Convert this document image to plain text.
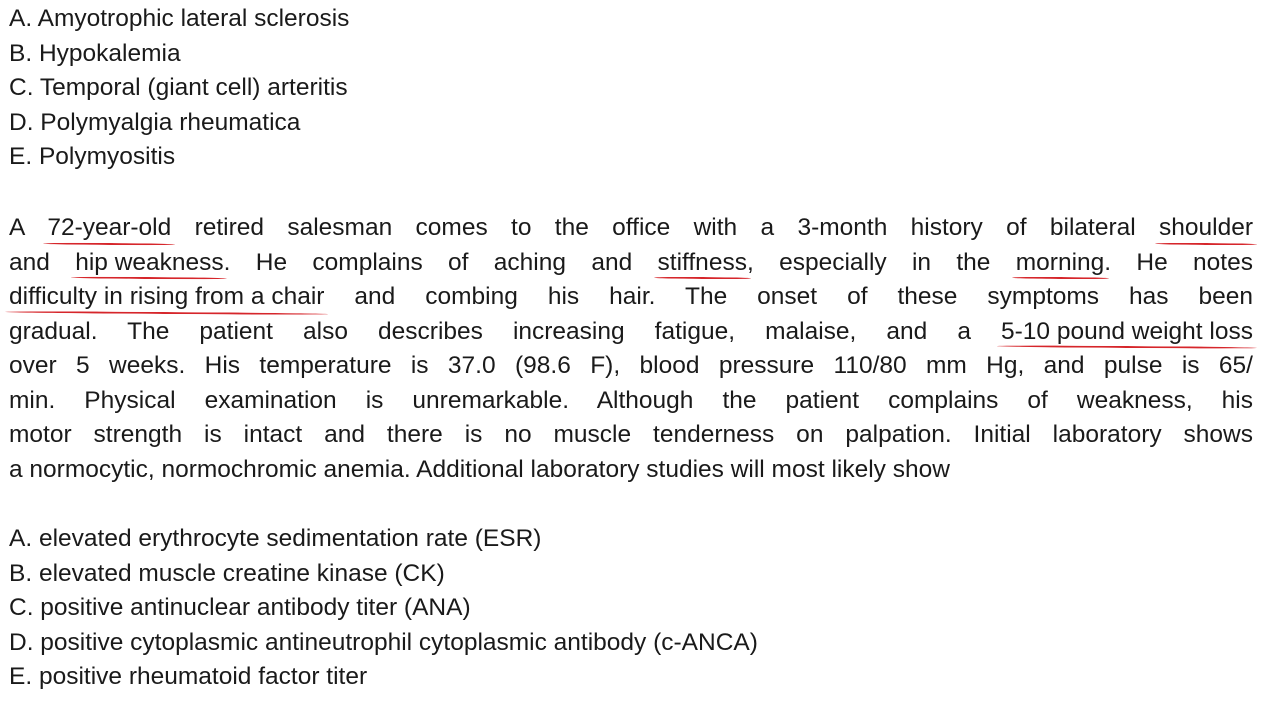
A. Amyotrophic lateral sclerosis
B. Hypokalemia
C. Temporal (giant cell) arteritis
D. Polymyalgia rheumatica
E. Polymyositis
A 72-year-old retired salesman comes to the office with a 3-month history of bilateral shoulder
and hip weakness. He complains of aching and stiffness, especially in the morning. He notes
difficulty in rising from a chair and combing his hair. The onset of these symptoms has been
gradual. The patient also describes increasing fatigue, malaise, and a 5-10 pound weight loss
over 5 weeks. His temperature is 37.0 (98.6 F), blood pressure 110/80 mm Hg, and pulse is 65/
min. Physical examination is unremarkable. Although the patient complains of weakness, his
motor strength is intact and there is no muscle tenderness on palpation. Initial laboratory shows
a normocytic, normochromic anemia. Additional laboratory studies will most likely show
A. elevated erythrocyte sedimentation rate (ESR)
B. elevated muscle creatine kinase (CK)
C. positive antinuclear antibody titer (ANA)
D. positive cytoplasmic antineutrophil cytoplasmic antibody (c-ANCA)
E. positive rheumatoid factor titer
